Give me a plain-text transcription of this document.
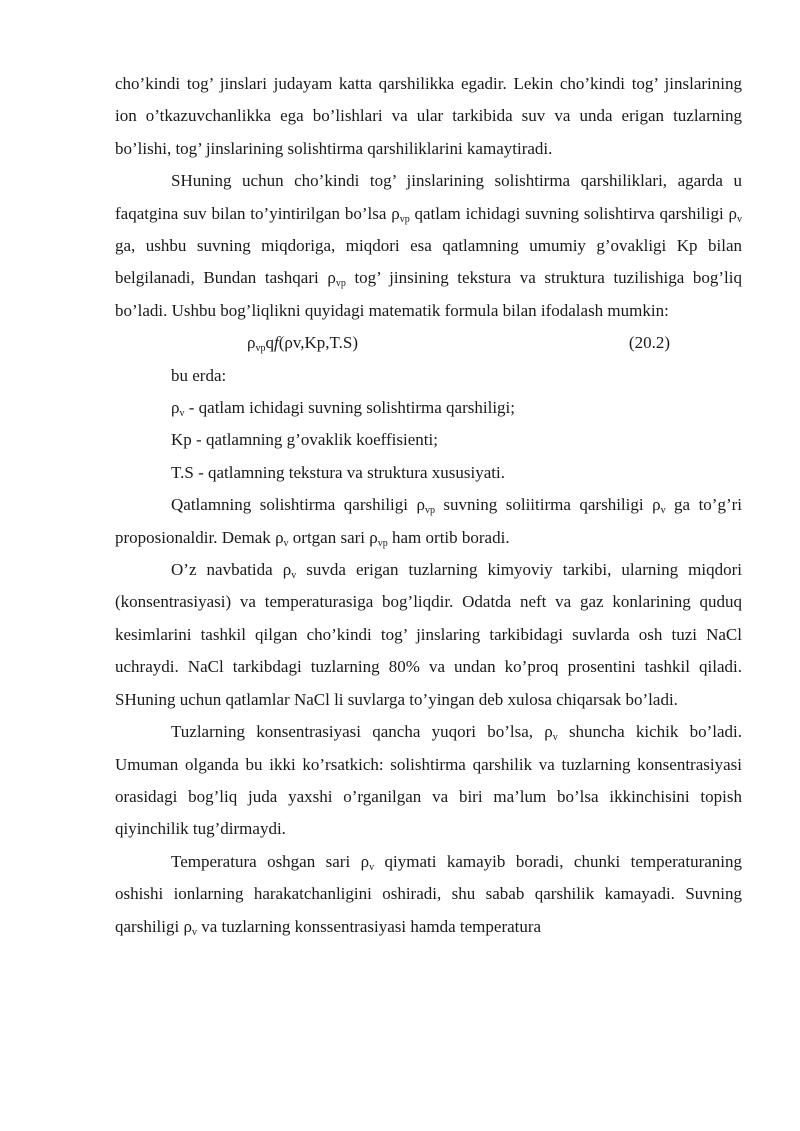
cho’kindi tog’ jinslari judayam katta qarshilikka egadir. Lekin cho’kindi tog’ jinslarining ion o’tkazuvchanlikka ega bo’lishlari va ular tarkibida suv va unda erigan tuzlarning bo’lishi, tog’ jinslarining solishtirma qarshiliklarini kamaytiradi.

SHuning uchun cho’kindi tog’ jinslarining solishtirma qarshiliklari, agarda u faqatgina suv bilan to’yintirilgan bo’lsa $\rho_{vp}$ qatlam ichidagi suvning solishtirva qarshiligi $\rho_v$ ga, ushbu suvning miqdoriga, miqdori esa qatlamning umumiy g’ovakligi Kp bilan belgilanadi, Bundan tashqari $\rho_{vp}$ tog’ jinsining tekstura va struktura tuzilishiga bog’liq bo’ladi. Ushbu bog’liqlikni quyidagi matematik formula bilan ifodalash mumkin:

$\rho_{vp}qf(\rho v,Kp,T.S)$	(20.2)

bu erda:

$\rho_v$ - qatlam ichidagi suvning solishtirma qarshiligi;

Kp - qatlamning g’ovaklik koeffisienti;

T.S - qatlamning tekstura va struktura xususiyati.

Qatlamning solishtirma qarshiligi $\rho_{vp}$ suvning soliitirma qarshiligi $\rho_v$ ga to’g’ri proposionaldir. Demak $\rho_v$ ortgan sari $\rho_{vp}$ ham ortib boradi.

O’z navbatida $\rho_v$ suvda erigan tuzlarning kimyoviy tarkibi, ularning miqdori (konsentrasiyasi) va temperaturasiga bog’liqdir. Odatda neft va gaz konlarining quduq kesimlarini tashkil qilgan cho’kindi tog’ jinslaring tarkibidagi suvlarda osh tuzi NaCl uchraydi. NaCl tarkibdagi tuzlarning 80% va undan ko’proq prosentini tashkil qiladi. SHuning uchun qatlamlar NaCl li suvlarga to’yingan deb xulosa chiqarsak bo’ladi.

Tuzlarning konsentrasiyasi qancha yuqori bo’lsa, $\rho_v$ shuncha kichik bo’ladi. Umuman olganda bu ikki ko’rsatkich: solishtirma qarshilik va tuzlarning konsentrasiyasi orasidagi bog’liq juda yaxshi o’rganilgan va biri ma’lum bo’lsa ikkinchisini topish qiyinchilik tug’dirmaydi.

Temperatura oshgan sari $\rho_v$ qiymati kamayib boradi, chunki temperaturaning oshishi ionlarning harakatchanligini oshiradi, shu sabab qarshilik kamayadi. Suvning qarshiligi $\rho_v$ va tuzlarning konssentrasiyasi hamda temperatura
